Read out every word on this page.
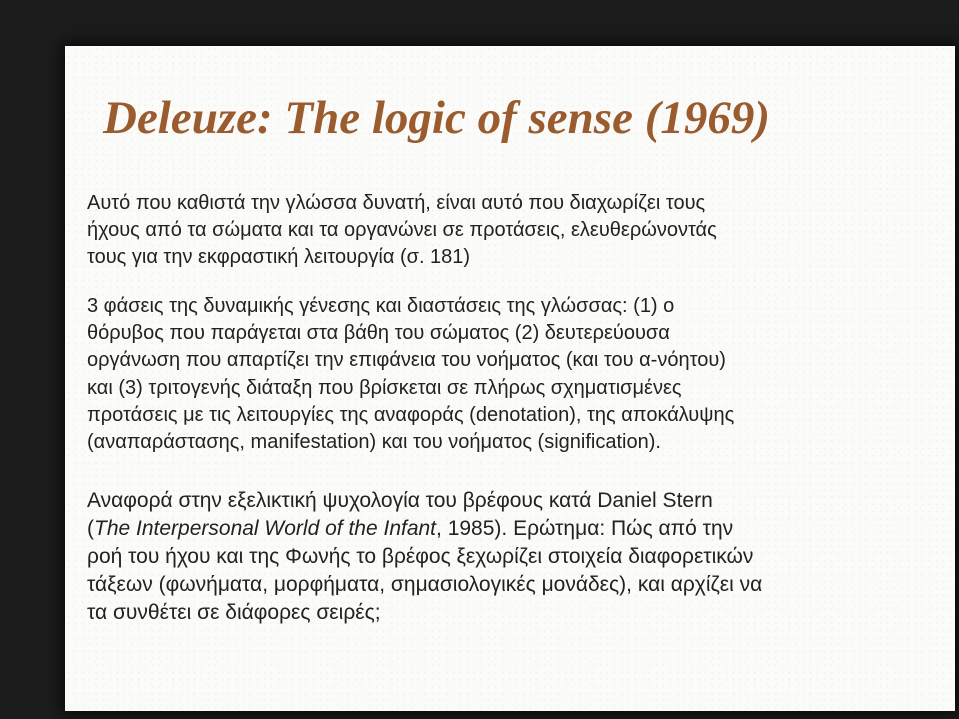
Deleuze: The logic of sense (1969)

Αυτό που καθιστά την γλώσσα δυνατή, είναι αυτό που διαχωρίζει τους
ήχους από τα σώματα και τα οργανώνει σε προτάσεις, ελευθερώνοντάς
τους για την εκφραστική λειτουργία (σ. 181)

3 φάσεις της δυναμικής γένεσης και διαστάσεις της γλώσσας: (1) ο
θόρυβος που παράγεται στα βάθη του σώματος (2) δευτερεύουσα
οργάνωση που απαρτίζει την επιφάνεια του νοήματος (και του α-νόητου)
και (3) τριτογενής διάταξη που βρίσκεται σε πλήρως σχηματισμένες
προτάσεις με τις λειτουργίες της αναφοράς (denotation), της αποκάλυψης
(αναπαράστασης, manifestation) και του νοήματος (signification).

Αναφορά στην εξελικτική ψυχολογία του βρέφους κατά Daniel Stern
(The Interpersonal World of the Infant, 1985). Ερώτημα: Πώς από την
ροή του ήχου και της Φωνής το βρέφος ξεχωρίζει στοιχεία διαφορετικών
τάξεων (φωνήματα, μορφήματα, σημασιολογικές μονάδες), και αρχίζει να
τα συνθέτει σε διάφορες σειρές;
